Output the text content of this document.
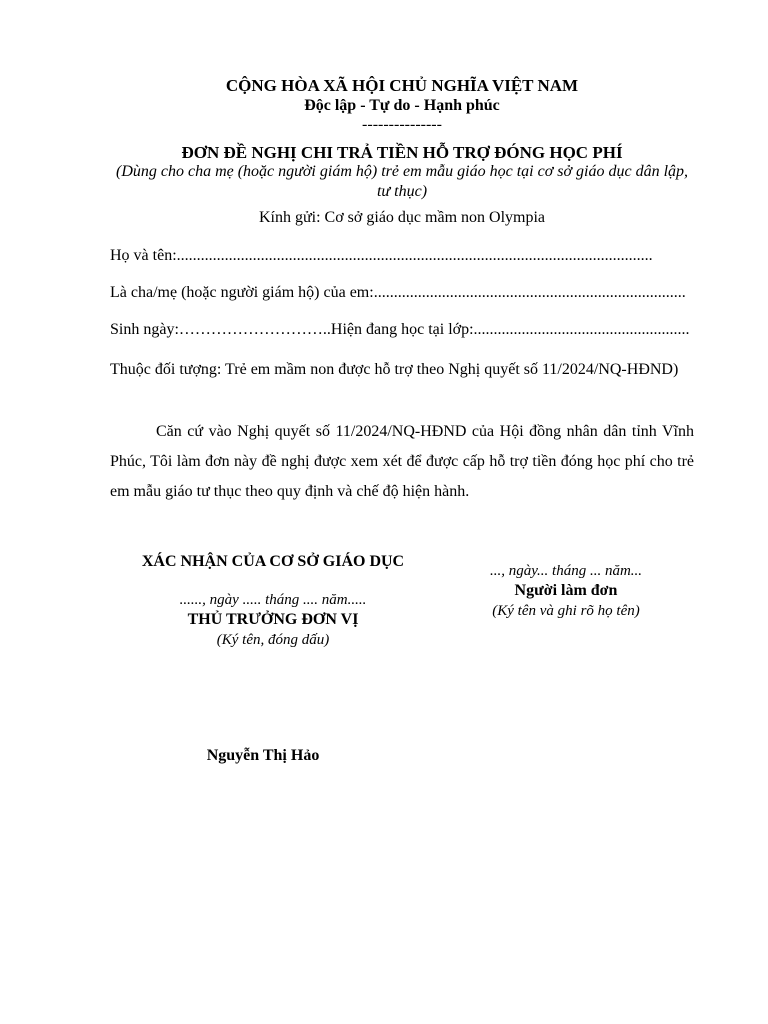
CỘNG HÒA XÃ HỘI CHỦ NGHĨA VIỆT NAM
Độc lập - Tự do - Hạnh phúc
---------------
ĐƠN ĐỀ NGHỊ CHI TRẢ TIỀN HỖ TRỢ ĐÓNG HỌC PHÍ
(Dùng cho cha mẹ (hoặc người giám hộ) trẻ em mẫu giáo học tại cơ sở giáo dục dân lập, tư thục)
Kính gửi: Cơ sở giáo dục mầm non Olympia
Họ và tên:.......................................................................................................................
Là cha/mẹ (hoặc người giám hộ) của em:..............................................................................
Sinh ngày:………………………..Hiện đang học tại lớp:......................................................
Thuộc đối tượng: Trẻ em mầm non được hỗ trợ theo Nghị quyết số 11/2024/NQ-HĐND)
Căn cứ vào Nghị quyết số 11/2024/NQ-HĐND của Hội đồng nhân dân tỉnh Vĩnh Phúc, Tôi làm đơn này đề nghị được xem xét để được cấp hỗ trợ tiền đóng học phí cho trẻ em mẫu giáo tư thục theo quy định và chế độ hiện hành.
XÁC NHẬN CỦA CƠ SỞ GIÁO DỤC
......, ngày ..... tháng .... năm.....
THỦ TRƯỞNG ĐƠN VỊ
(Ký tên, đóng dấu)
..., ngày... tháng ... năm...
Người làm đơn
(Ký tên và ghi rõ họ tên)
Nguyễn Thị Hảo
